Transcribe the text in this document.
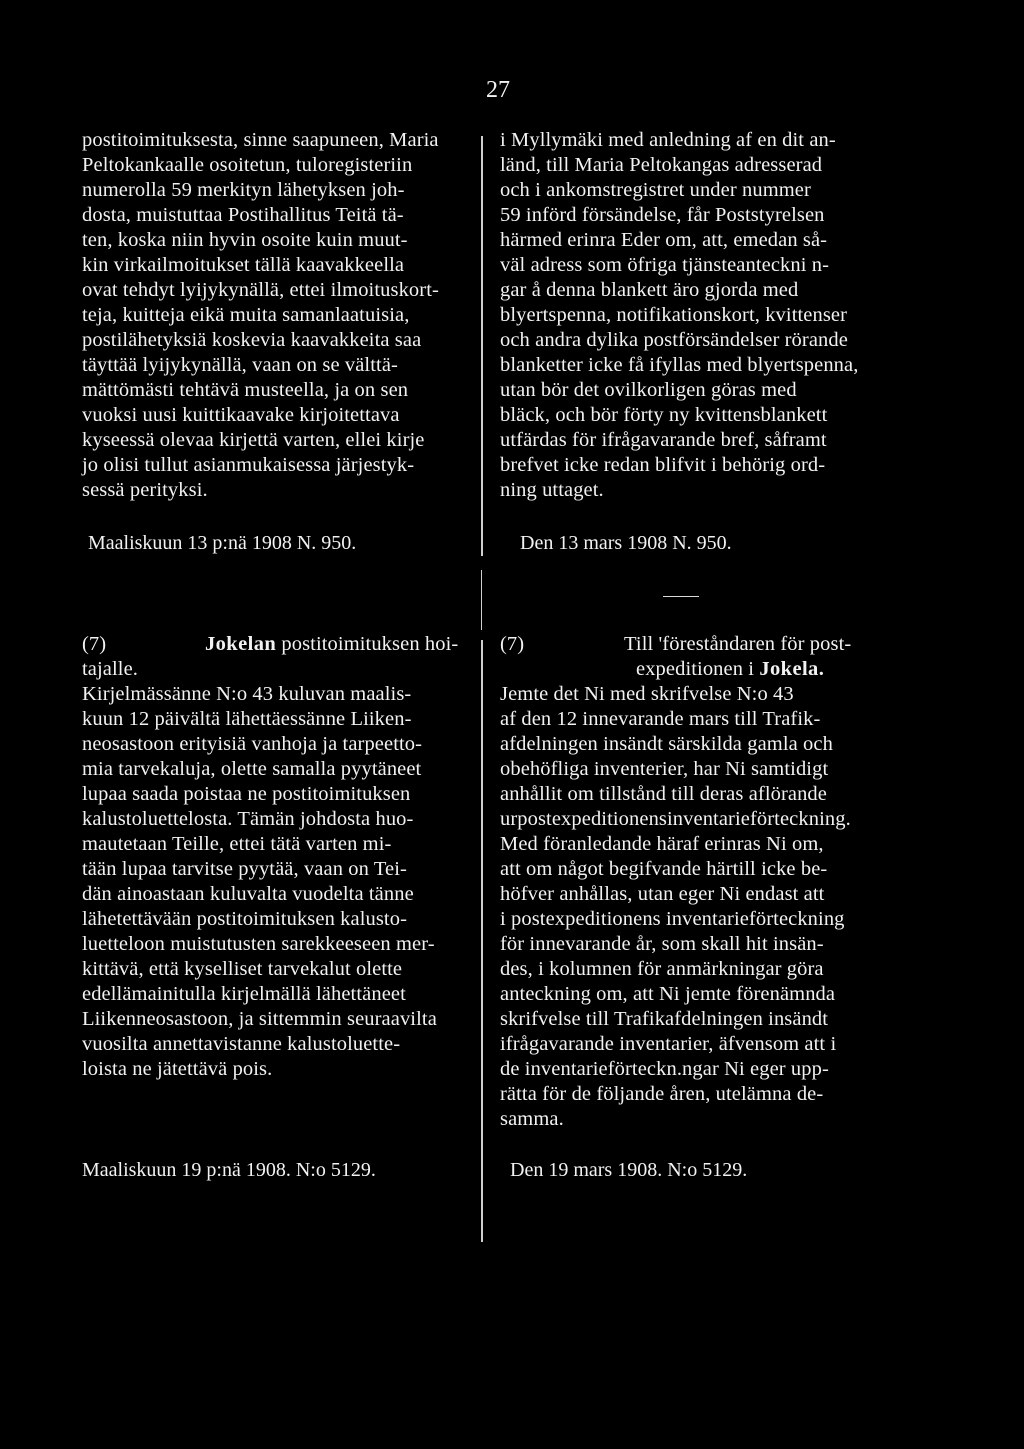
27

postitoimituksesta, sinne saapuneen, Maria
Peltokankaalle osoitetun, tuloregisteriin
numerolla 59 merkityn lähetyksen joh-
dosta, muistuttaa Postihallitus Teitä tä-
ten, koska niin hyvin osoite kuin muut-
kin virkailmoitukset tällä kaavakkeella
ovat tehdyt lyijykynällä, ettei ilmoituskort-
teja, kuitteja eikä muita samanlaatuisia,
postilähetyksiä koskevia kaavakkeita saa
täyttää lyijykynällä, vaan on se välttä-
mättömästi tehtävä musteella, ja on sen
vuoksi uusi kuittikaavake kirjoitettava
kyseessä olevaa kirjettä varten, ellei kirje
jo olisi tullut asianmukaisessa järjestyk-
sessä perityksi.

Maaliskuun 13 p:nä 1908 N. 950.

i Myllymäki med anledning af en dit an-
länd, till Maria Peltokangas adresserad
och i ankomstregistret under nummer
59 införd försändelse, får Poststyrelsen
härmed erinra Eder om, att, emedan så-
väl adress som öfriga tjänsteanteckni n-
gar å denna blankett äro gjorda med
blyertspenna, notifikationskort, kvittenser
och andra dylika postförsändelser rörande
blanketter icke få ifyllas med blyertspenna,
utan bör det ovilkorligen göras med
bläck, och bör förty ny kvittensblankett
utfärdas för ifrågavarande bref, såframt
brefvet icke redan blifvit i behörig ord-
ning uttaget.

Den 13 mars 1908 N. 950.
(7)	Jokelan postitoimituksen hoi-
tajalle.

Kirjelmässänne N:o 43 kuluvan maalis-
kuun 12 päivältä lähettäessänne Liiken-
neosastoon erityisiä vanhoja ja tarpeetto-
mia tarvekaluja, olette samalla pyytäneet
lupaa saada poistaa ne postitoimituksen
kalustoluettelosta. Tämän johdosta huo-
mautetaan Teille, ettei tätä varten mi-
tään lupaa tarvitse pyytää, vaan on Tei-
dän ainoastaan kuluvalta vuodelta tänne
lähetettävään postitoimituksen kalusto-
luetteloon muistutusten sarekkeeseen mer-
kittävä, että kyselliset tarvekalut olette
edellämainitulla kirjelmällä lähettäneet
Liikenneosastoon, ja sittemmin seuraavilta
vuosilta annettavistanne kalustoluette-
loista ne jätettävä pois.

Maaliskuun 19 p:nä 1908. N:o 5129.
(7)	Till 'föreståndaren för post-
expeditionen i Jokela.

Jemte det Ni med skrifvelse N:o 43
af den 12 innevarande mars till Trafik-
afdelningen insändt särskilda gamla och
obehöfliga inventerier, har Ni samtidigt
anhållit om tillstånd till deras aflörande
urpostexpeditionensinventarieförteckning.
Med föranledande häraf erinras Ni om,
att om något begifvande härtill icke be-
höfver anhållas, utan eger Ni endast att
i postexpeditionens inventarieförteckning
för innevarande år, som skall hit insän-
des, i kolumnen för anmärkningar göra
anteckning om, att Ni jemte förenämnda
skrifvelse till Trafikafdelningen insändt
ifrågavarande inventarier, äfvensom att i
de inventarieförteckn.ngar Ni eger upp-
rätta för de följande åren, utelämna de-
samma.

Den 19 mars 1908. N:o 5129.
